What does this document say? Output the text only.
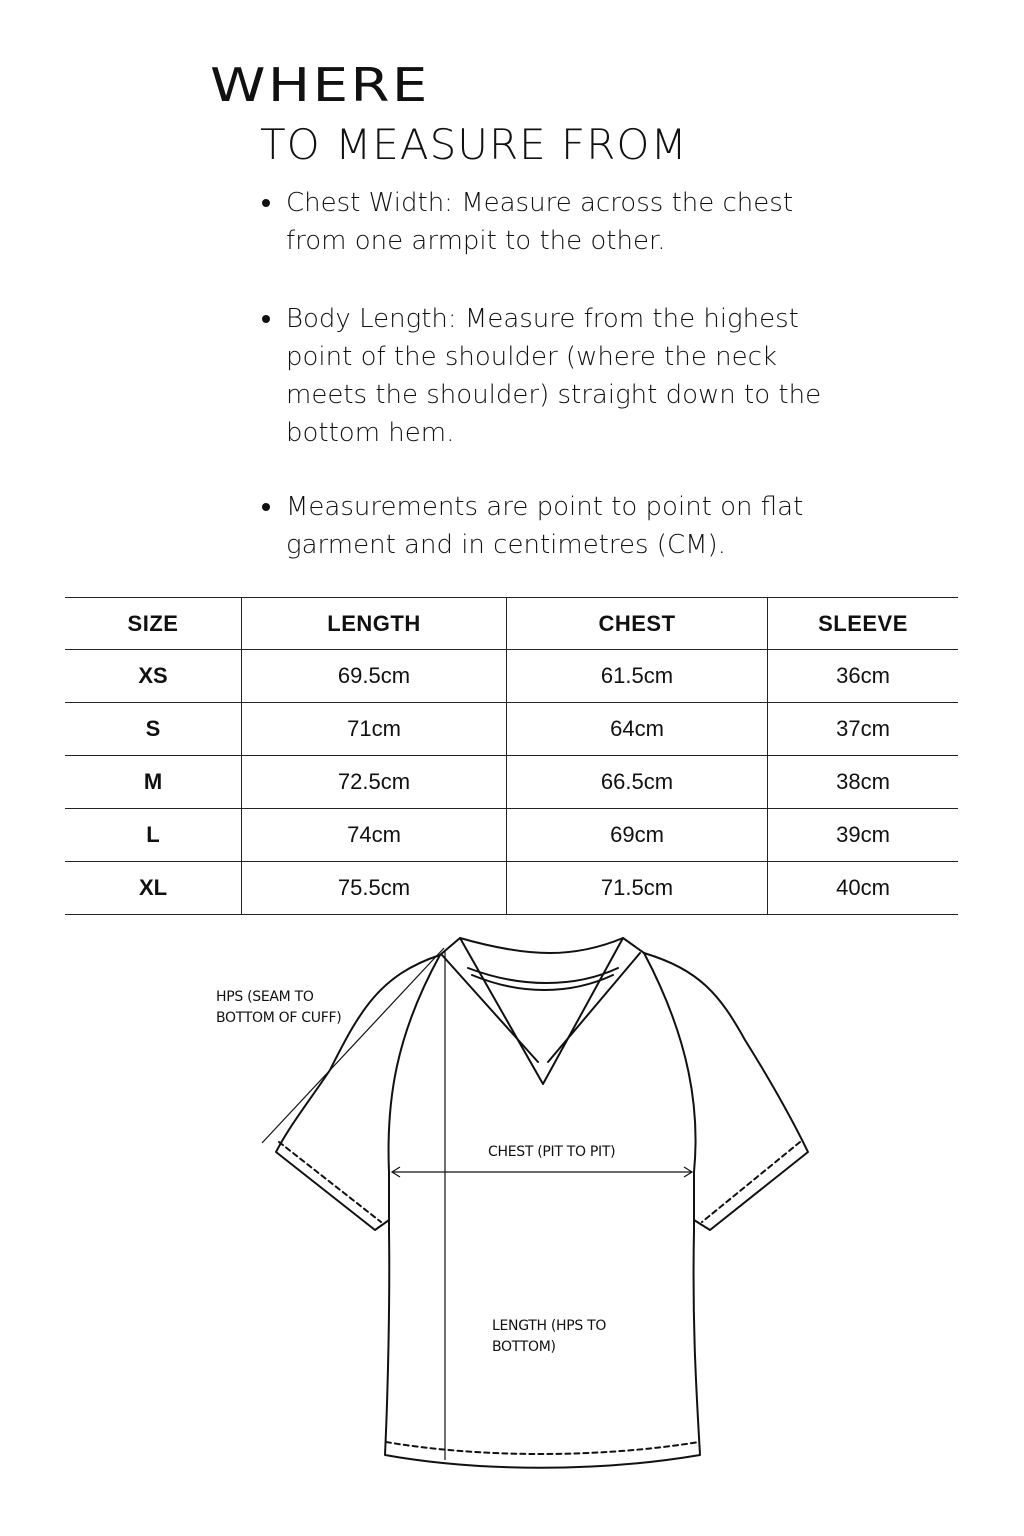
WHERE
TO MEASURE FROM
Chest Width: Measure across the chest from one armpit to the other.
Body Length: Measure from the highest point of the shoulder (where the neck meets the shoulder) straight down to the bottom hem.
Measurements are point to point on flat garment and in centimetres (CM).
SIZE	LENGTH	CHEST	SLEEVE
XS	69.5cm	61.5cm	36cm
S	71cm	64cm	37cm
M	72.5cm	66.5cm	38cm
L	74cm	69cm	39cm
XL	75.5cm	71.5cm	40cm
HPS (SEAM TO BOTTOM OF CUFF)
CHEST (PIT TO PIT)
LENGTH (HPS TO BOTTOM)
